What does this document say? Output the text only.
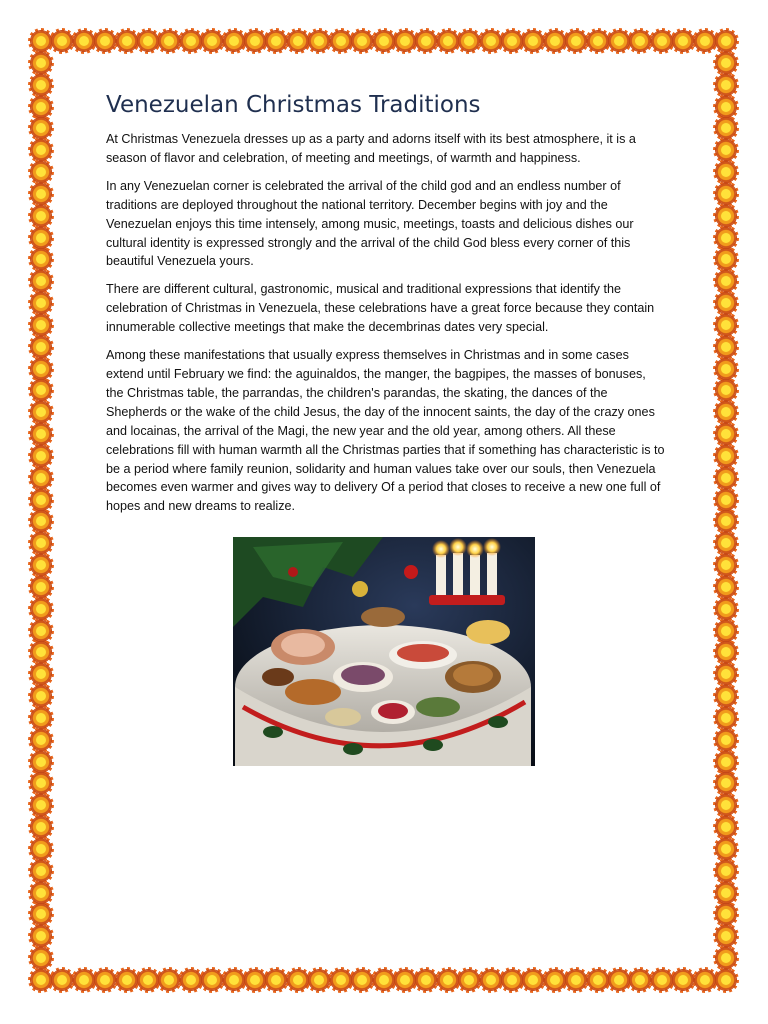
Venezuelan Christmas Traditions

At Christmas Venezuela dresses up as a party and adorns itself with its best atmosphere, it is a season of flavor and celebration, of meeting and meetings, of warmth and happiness.

In any Venezuelan corner is celebrated the arrival of the child god and an endless number of traditions are deployed throughout the national territory. December begins with joy and the Venezuelan enjoys this time intensely, among music, meetings, toasts and delicious dishes our cultural identity is expressed strongly and the arrival of the child God bless every corner of this beautiful Venezuela yours.

There are different cultural, gastronomic, musical and traditional expressions that identify the celebration of Christmas in Venezuela, these celebrations have a great force because they contain innumerable collective meetings that make the decembrinas dates very special.

Among these manifestations that usually express themselves in Christmas and in some cases extend until February we find: the aguinaldos, the manger, the bagpipes, the masses of bonuses, the Christmas table, the parrandas, the children's parandas, the skating, the dances of the Shepherds or the wake of the child Jesus, the day of the innocent saints, the day of the crazy ones and locainas, the arrival of the Magi, the new year and the old year, among others. All these celebrations fill with human warmth all the Christmas parties that if something has characteristic is to be a period where family reunion, solidarity and human values take over our souls, then Venezuela becomes even warmer and gives way to delivery Of a period that closes to receive a new one full of hopes and new dreams to realize.
